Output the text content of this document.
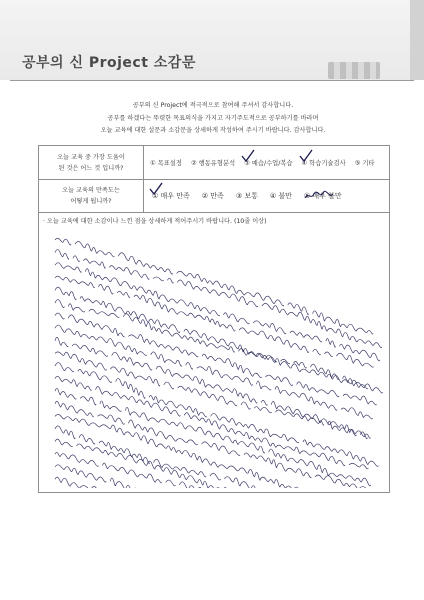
공부의 신 Project 소감문
공부의 신 Project에 적극적으로 참여해 주셔서 감사합니다.
공부를 하겠다는 뚜렷한 목표의식을 가지고 자기주도적으로 공부하기를 바라며
오늘 교육에 대한 설문과 소감문을 상세하게 작성하여 주시기 바랍니다. 감사합니다.
오늘 교육 중 가장 도움이
된 것은 어느 것 입니까?
① 목표설정 ② 행동유형분석 ③ 예습/수업/복습 ④ 학습기술검사 ⑤ 기타
오늘 교육의 만족도는
어떻게 됩니까?
① 매우 만족 ② 만족 ③ 보통 ④ 불만 ⑤ 매우 불만
· 오늘 교육에 대한 소감이나 느낀 점을 상세하게 적어주시기 바랍니다. (10줄 이상)
